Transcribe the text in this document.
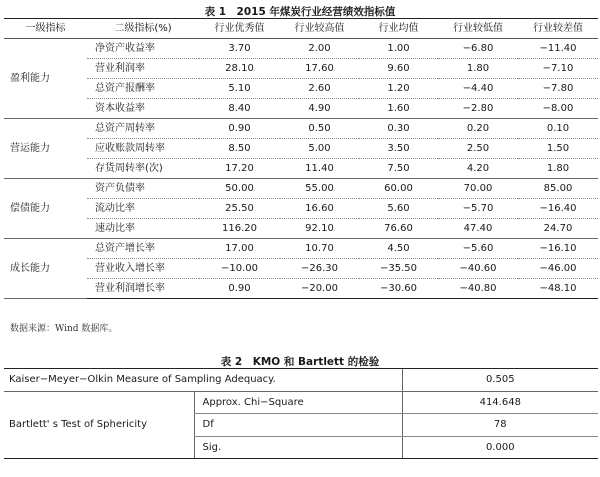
表 1　2015 年煤炭行业经营绩效指标值
一级指标	二级指标(%)	行业优秀值	行业较高值	行业均值	行业较低值	行业较差值
盈利能力	净资产收益率	3.70	2.00	1.00	−6.80	−11.40
	营业利润率	28.10	17.60	9.60	1.80	−7.10
	总资产报酬率	5.10	2.60	1.20	−4.40	−7.80
	资本收益率	8.40	4.90	1.60	−2.80	−8.00
营运能力	总资产周转率	0.90	0.50	0.30	0.20	0.10
	应收账款周转率	8.50	5.00	3.50	2.50	1.50
	存货周转率(次)	17.20	11.40	7.50	4.20	1.80
偿债能力	资产负债率	50.00	55.00	60.00	70.00	85.00
	流动比率	25.50	16.60	5.60	−5.70	−16.40
	速动比率	116.20	92.10	76.60	47.40	24.70
成长能力	总资产增长率	17.00	10.70	4.50	−5.60	−16.10
	营业收入增长率	−10.00	−26.30	−35.50	−40.60	−46.00
	营业利润增长率	0.90	−20.00	−30.60	−40.80	−48.10
数据来源：Wind 数据库。
表 2　KMO 和 Bartlett 的检验
Kaiser−Meyer−Olkin Measure of Sampling Adequacy.		0.505
Bartlett' s Test of Sphericity	Approx. Chi−Square	414.648
	Df	78
	Sig.	0.000
